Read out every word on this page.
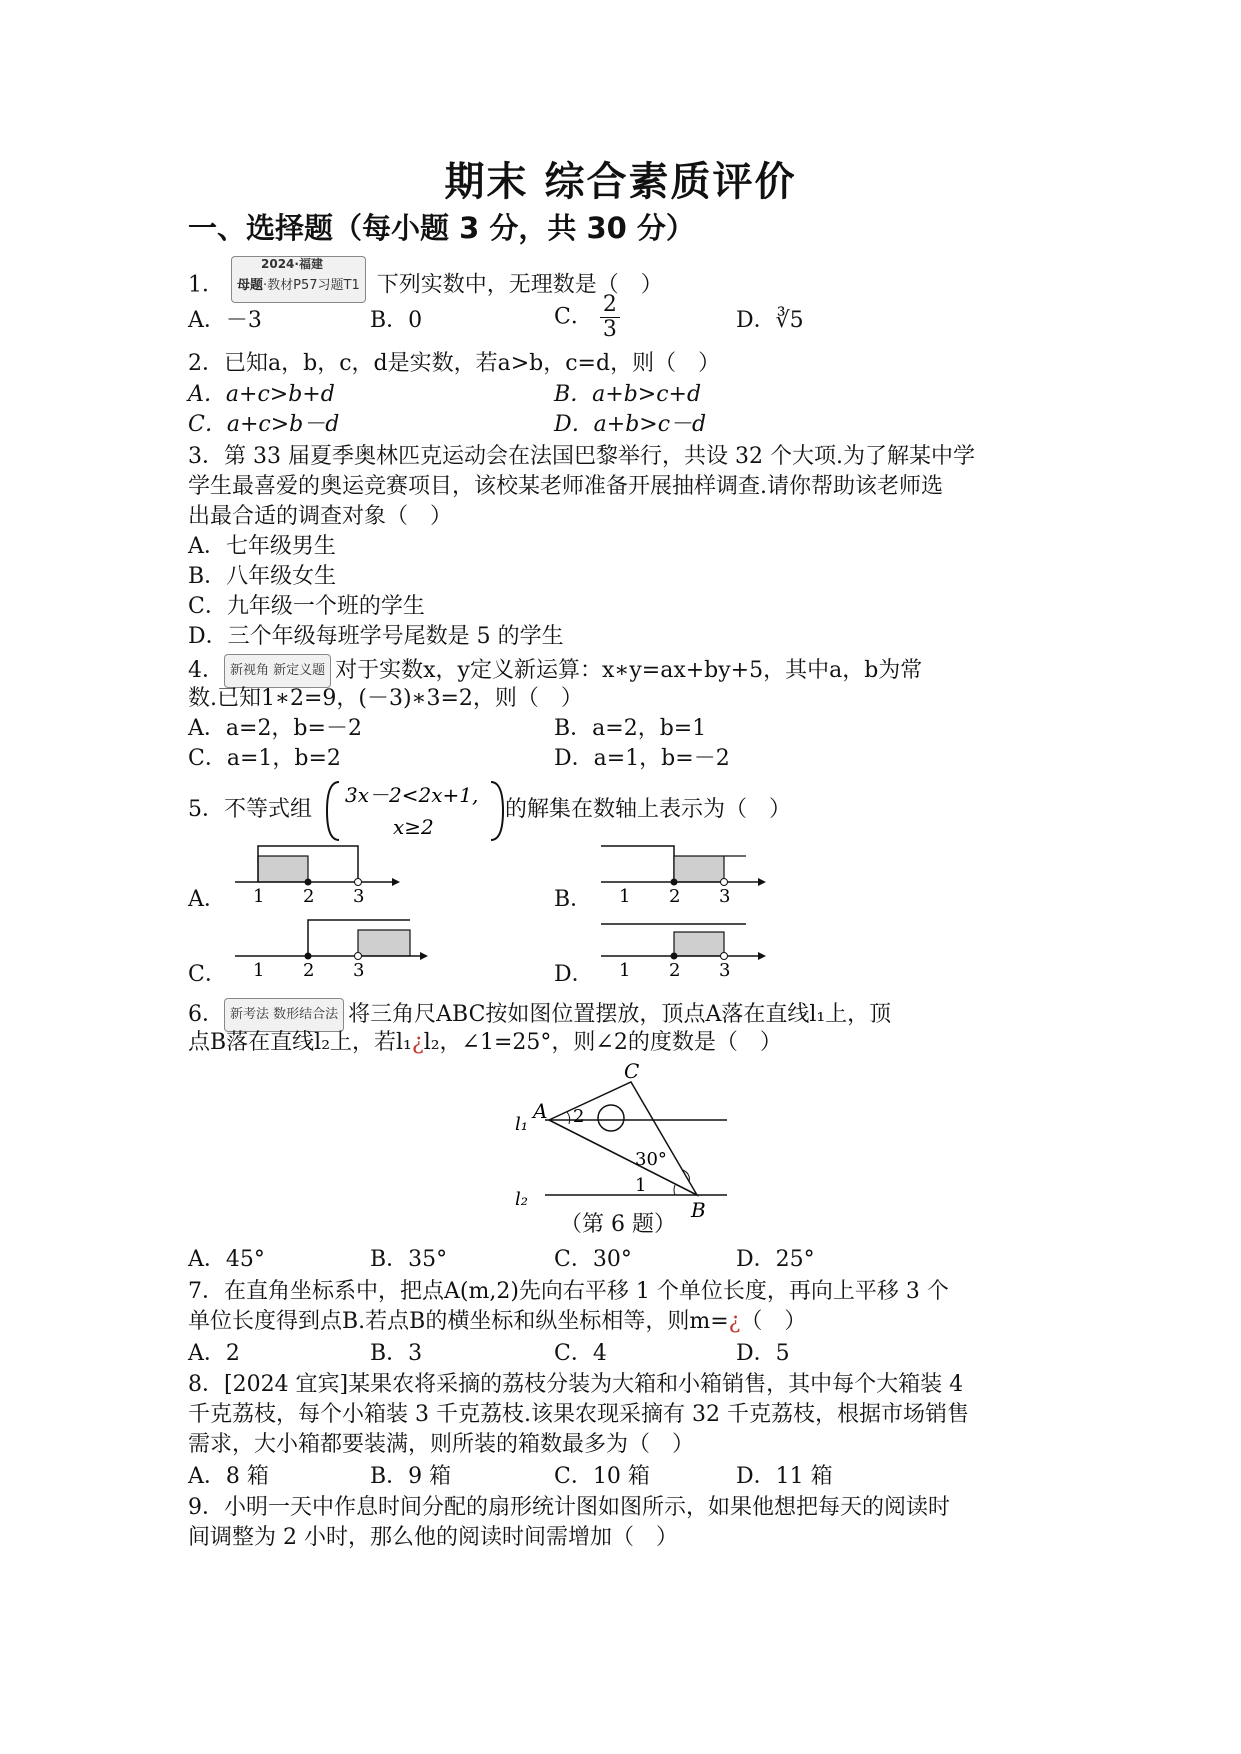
期末 综合素质评价
一、选择题（每小题 3 分，共 30 分）
1．
2024·福建
母题·教材P57习题T1 下列实数中，无理数是（　）
A．－3	B．0	C． $\frac{2}{3}$	D．∛5
2．已知a，b，c，d是实数，若a>b，c=d，则（　）
A．a+c>b+d	B．a+b>c+d
C．a+c>b－d	D．a+b>c－d
3．第 33 届夏季奥林匹克运动会在法国巴黎举行，共设 32 个大项.为了解某中学
学生最喜爱的奥运竞赛项目，该校某老师准备开展抽样调查.请你帮助该老师选
出最合适的调查对象（　）
A．七年级男生
B．八年级女生
C．九年级一个班的学生
D．三个年级每班学号尾数是 5 的学生
4． 新视角 新定义题 对于实数x，y定义新运算：x∗y=ax+by+5，其中a，b为常
数.已知1∗2=9，(－3)∗3=2，则（　）
A．a=2，b=－2	B．a=2，b=1
C．a=1，b=2	D．a=1，b=－2
5．不等式组
3x－2<2x+1,
x≥2
的解集在数轴上表示为（　）
A． 1 2 3	B． 1 2 3
C． 1 2 3	D． 1 2 3
6． 新考法 数形结合法 将三角尺ABC按如图位置摆放，顶点A落在直线l₁上，顶
点B落在直线l₂上，若l₁¿l₂，∠1=25°，则∠2的度数是（　）
C
A
B
l₁
l₂
2
1
30°
（第 6 题）
A．45°	B．35°	C．30°	D．25°
7．在直角坐标系中，把点A(m,2)先向右平移 1 个单位长度，再向上平移 3 个
单位长度得到点B.若点B的横坐标和纵坐标相等，则m=¿（　）
A．2	B．3	C．4	D．5
8．[2024 宜宾]某果农将采摘的荔枝分装为大箱和小箱销售，其中每个大箱装 4
千克荔枝，每个小箱装 3 千克荔枝.该果农现采摘有 32 千克荔枝，根据市场销售
需求，大小箱都要装满，则所装的箱数最多为（　）
A．8 箱	B．9 箱	C．10 箱	D．11 箱
9．小明一天中作息时间分配的扇形统计图如图所示，如果他想把每天的阅读时
间调整为 2 小时，那么他的阅读时间需增加（　）
